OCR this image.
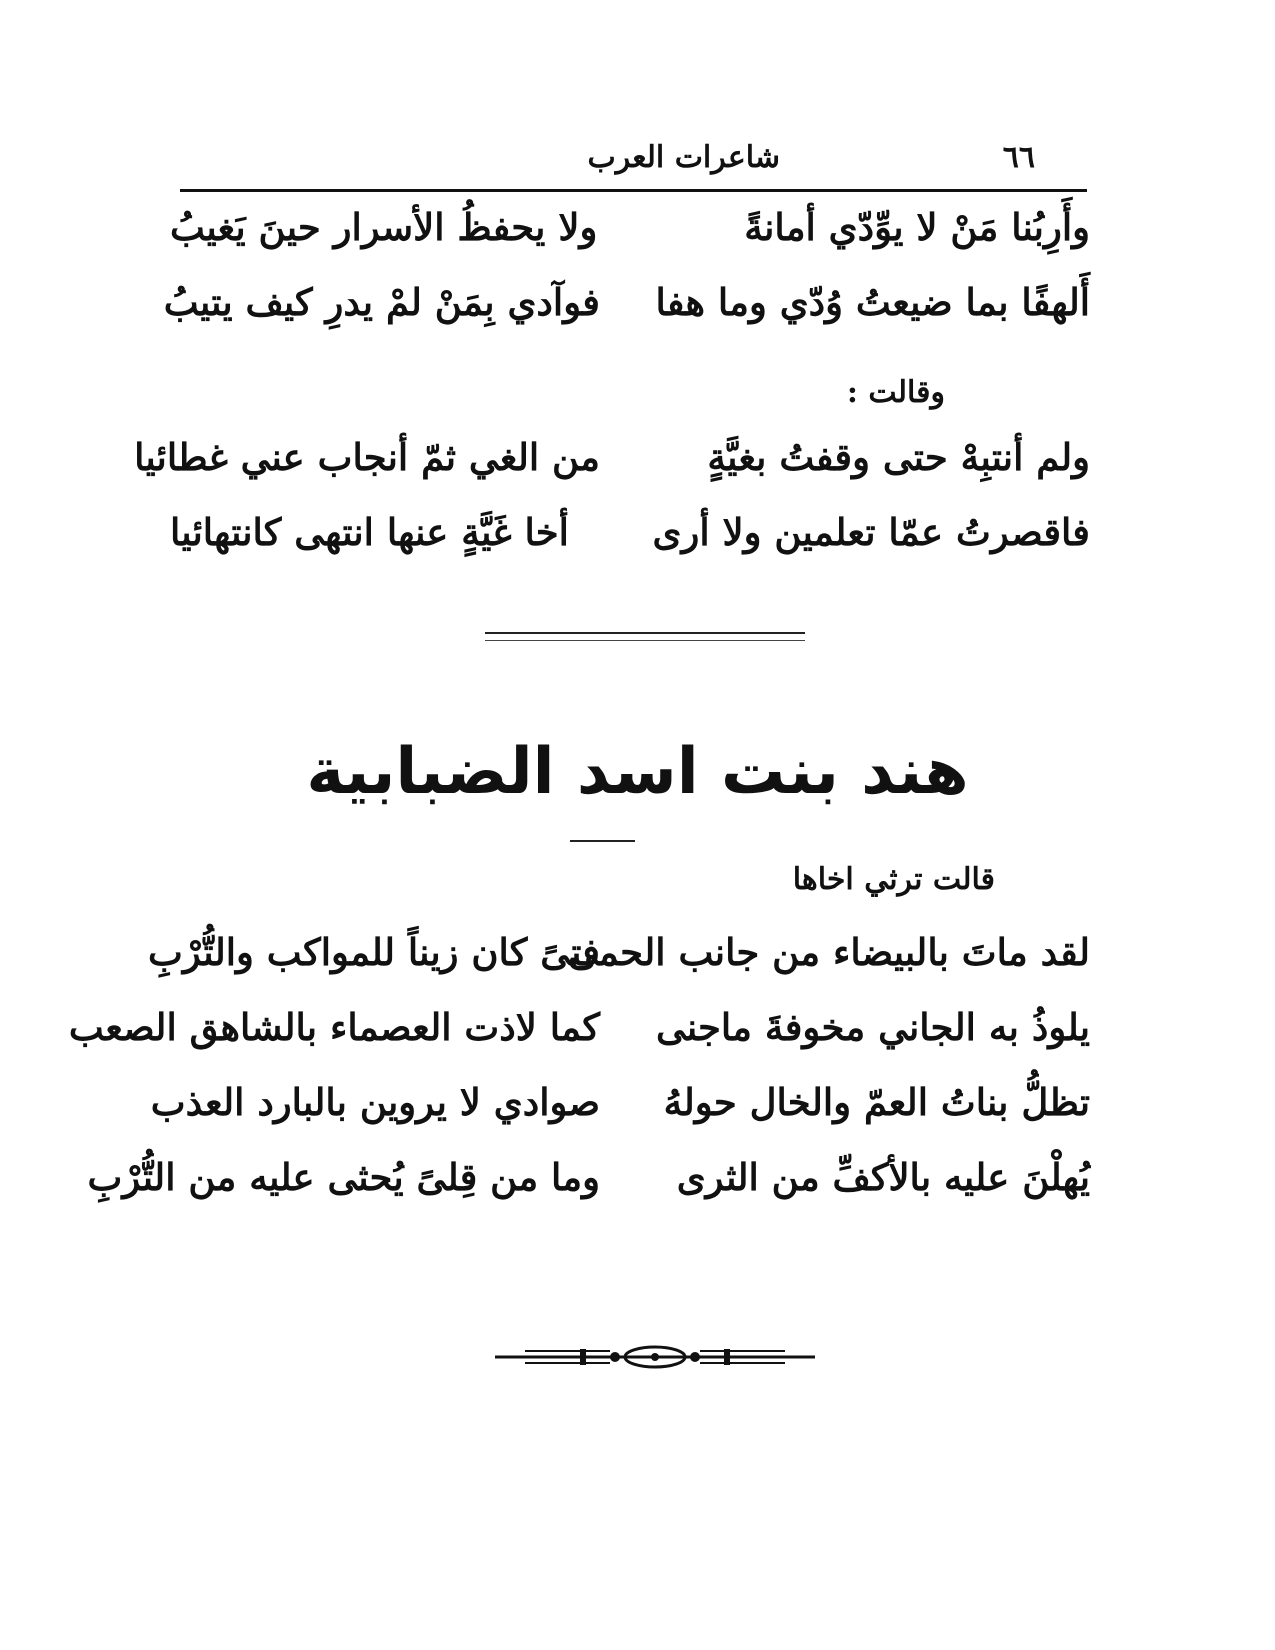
٦٦
شاعرات العرب
وأَرِبُنا مَنْ لا يوِّدّي أمانةً
ولا يحفظُ الأسرار حينَ يَغيبُ
أَلهفًا بما ضيعتُ وُدّي وما هفا
فوآدي بِمَنْ لمْ يدرِ كيف يتيبُ
وقالت :
ولم أنتبِهْ حتى وقفتُ بغيَّةٍ
من الغي ثمّ أنجاب عني غطائيا
فاقصرتُ عمّا تعلمين ولا أرى
أخا غَيَّةٍ عنها انتهى كانتهائيا
هند بنت اسد الضبابية
قالت ترثي اخاها
لقد ماتَ بالبيضاء من جانب الحمى
فتىً كان زيناً للمواكب والتُّرْبِ
يلوذُ به الجاني مخوفةَ ماجنى
كما لاذت العصماء بالشاهق الصعب
تظلُّ بناتُ العمّ والخال حولهُ
صوادي لا يروين بالبارد العذب
يُهلْنَ عليه بالأكفِّ من الثرى
وما من قِلىً يُحثى عليه من التُّرْبِ
